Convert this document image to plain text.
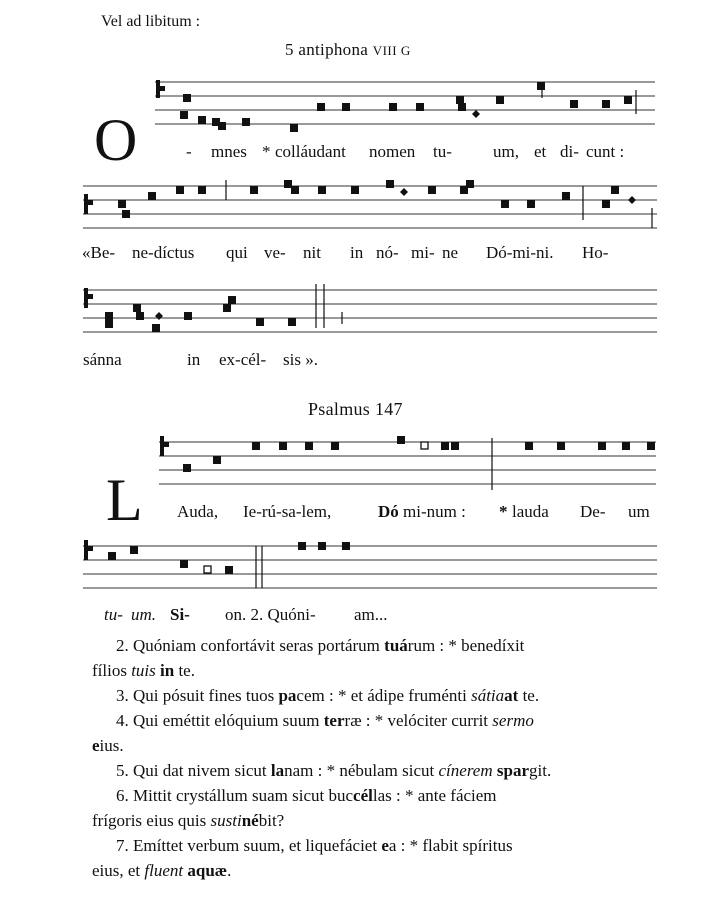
Vel ad libitum :
5 antiphona VIII G
O	- mnes * colláudant nomen tu- um, et di- cunt :
«Be- ne-díctus qui ve- nit in nó- mi- ne Dó-mi-ni. Ho-
sánna	in ex-cél- sis ».
Psalmus 147
L Auda, Ie-rú-sa-lem,	Dó mi-num : * lauda De- um
tu- um. Si- on. 2. Quóni- am...

2. Quóniam confortávit seras portárum tuárum : * benedíxit
fílios tuis in te.

3. Qui pósuit fines tuos pacem : * et ádipe fruménti sátiaat te.

4. Qui eméttit elóquium suum terræ : * velóciter currit sermo
eius.

5. Qui dat nivem sicut lanam : * nébulam sicut cínerem spargit.

6. Mittit crystállum suam sicut buccéllas : * ante fáciem
frígoris eius quis sustinébit?

7. Emíttet verbum suum, et liquefáciet ea : * flabit spíritus
eius, et fluent aquæ.
